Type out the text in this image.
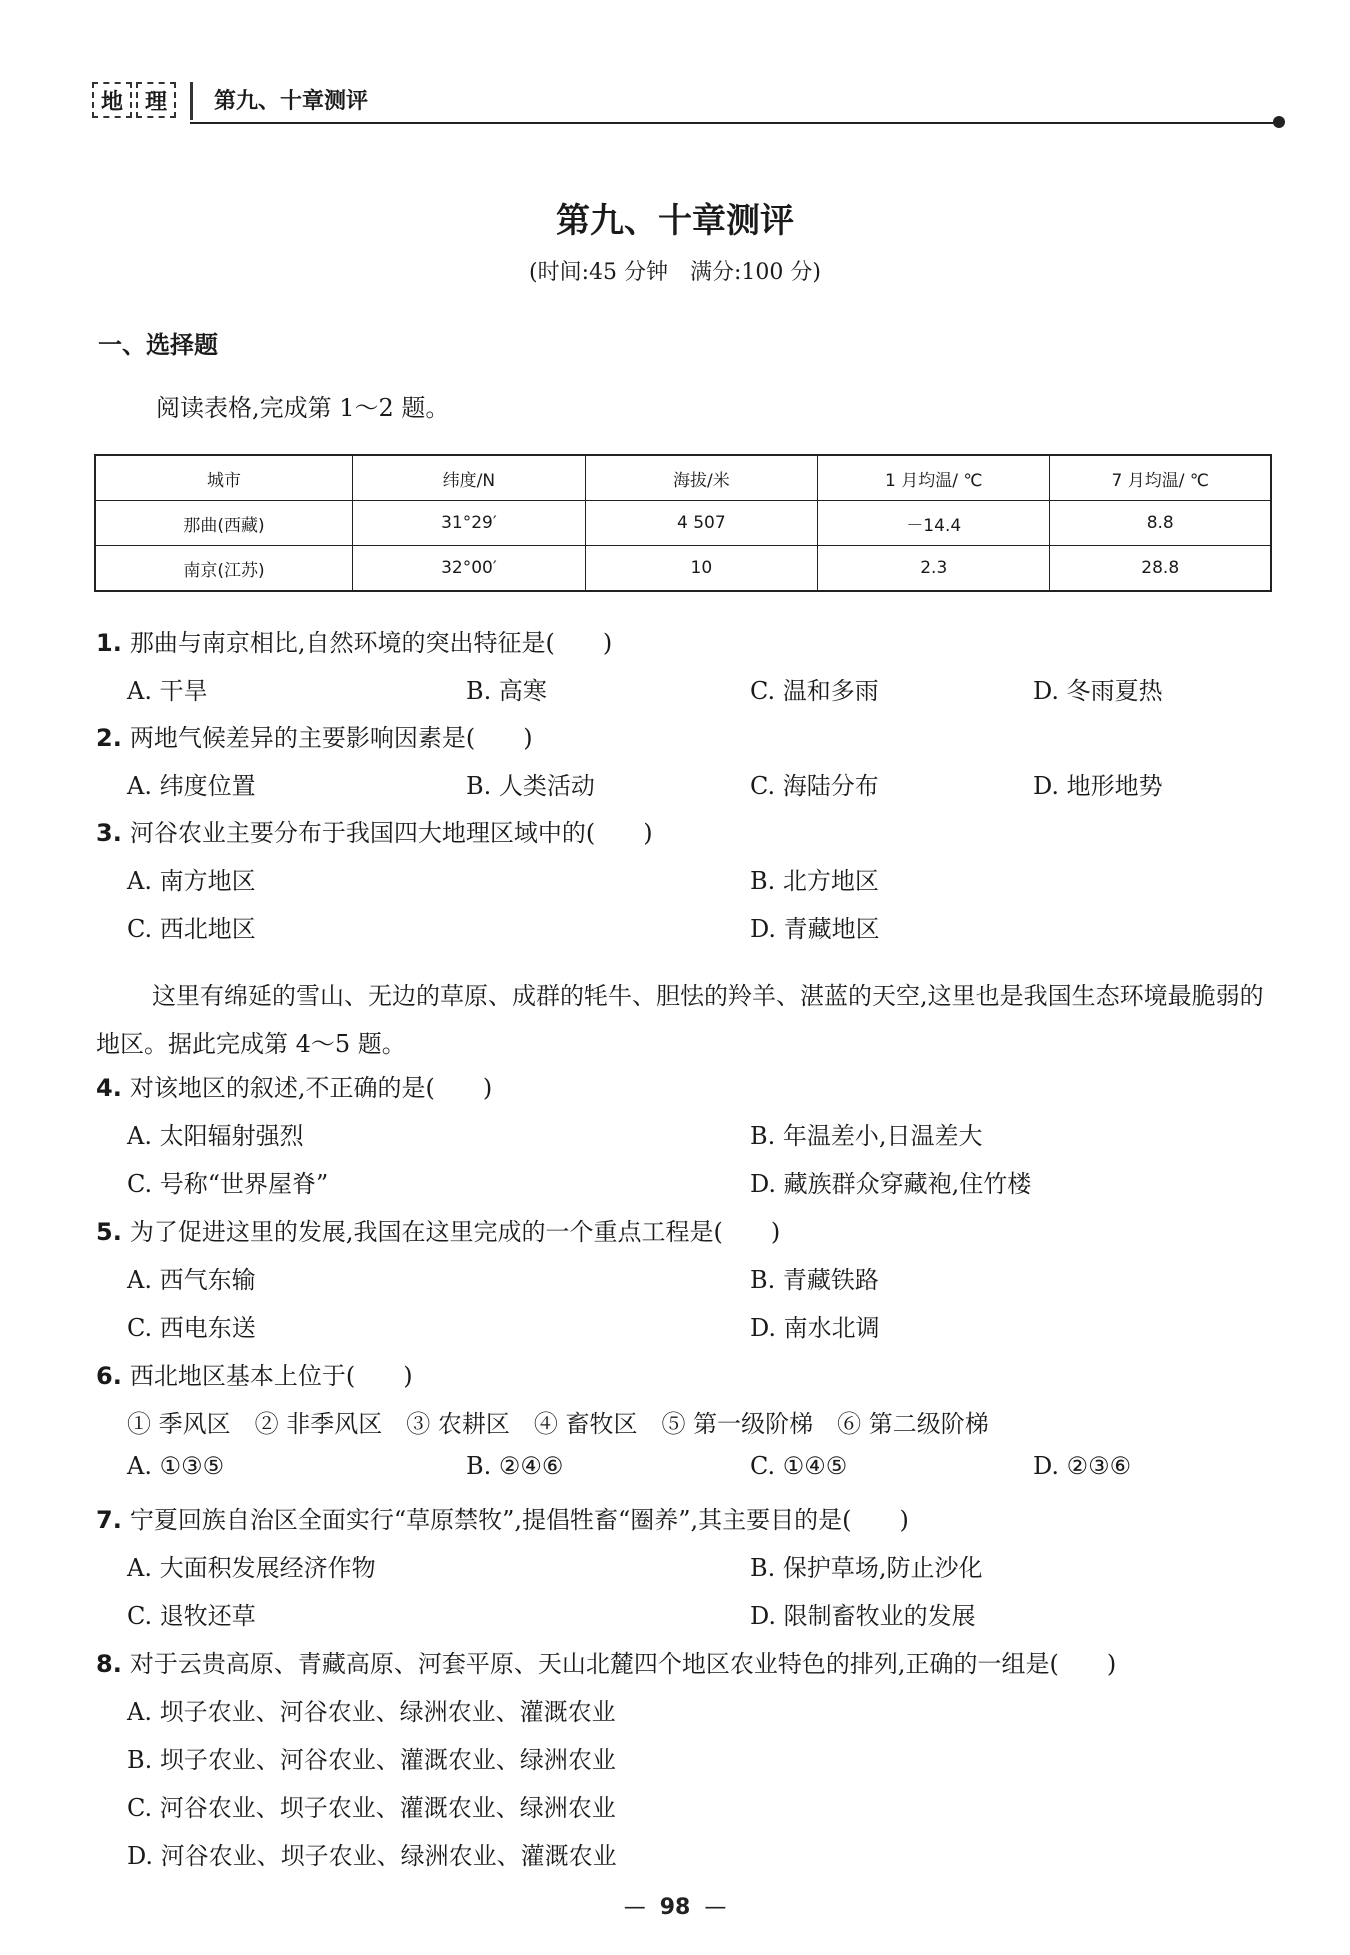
地 理	第九、十章测评
第九、十章测评
(时间:45 分钟　满分:100 分)
一、选择题
阅读表格,完成第 1～2 题。
城市	纬度/N	海拔/米	1 月均温/ ℃	7 月均温/ ℃
那曲(西藏)	31°29′	4 507	－14.4	8.8
南京(江苏)	32°00′	10	2.3	28.8
1. 那曲与南京相比,自然环境的突出特征是(　　)
A. 干旱	B. 高寒	C. 温和多雨	D. 冬雨夏热
2. 两地气候差异的主要影响因素是(　　)
A. 纬度位置	B. 人类活动	C. 海陆分布	D. 地形地势
3. 河谷农业主要分布于我国四大地理区域中的(　　)
A. 南方地区	B. 北方地区
C. 西北地区	D. 青藏地区
这里有绵延的雪山、无边的草原、成群的牦牛、胆怯的羚羊、湛蓝的天空,这里也是我国生态环境最脆弱的地区。据此完成第 4～5 题。
4. 对该地区的叙述,不正确的是(　　)
A. 太阳辐射强烈	B. 年温差小,日温差大
C. 号称“世界屋脊”	D. 藏族群众穿藏袍,住竹楼
5. 为了促进这里的发展,我国在这里完成的一个重点工程是(　　)
A. 西气东输	B. 青藏铁路
C. 西电东送	D. 南水北调
6. 西北地区基本上位于(　　)
① 季风区　② 非季风区　③ 农耕区　④ 畜牧区　⑤ 第一级阶梯　⑥ 第二级阶梯
A. ①③⑤	B. ②④⑥	C. ①④⑤	D. ②③⑥
7. 宁夏回族自治区全面实行“草原禁牧”,提倡牲畜“圈养”,其主要目的是(　　)
A. 大面积发展经济作物	B. 保护草场,防止沙化
C. 退牧还草	D. 限制畜牧业的发展
8. 对于云贵高原、青藏高原、河套平原、天山北麓四个地区农业特色的排列,正确的一组是(　　)
A. 坝子农业、河谷农业、绿洲农业、灌溉农业
B. 坝子农业、河谷农业、灌溉农业、绿洲农业
C. 河谷农业、坝子农业、灌溉农业、绿洲农业
D. 河谷农业、坝子农业、绿洲农业、灌溉农业
— 98 —
